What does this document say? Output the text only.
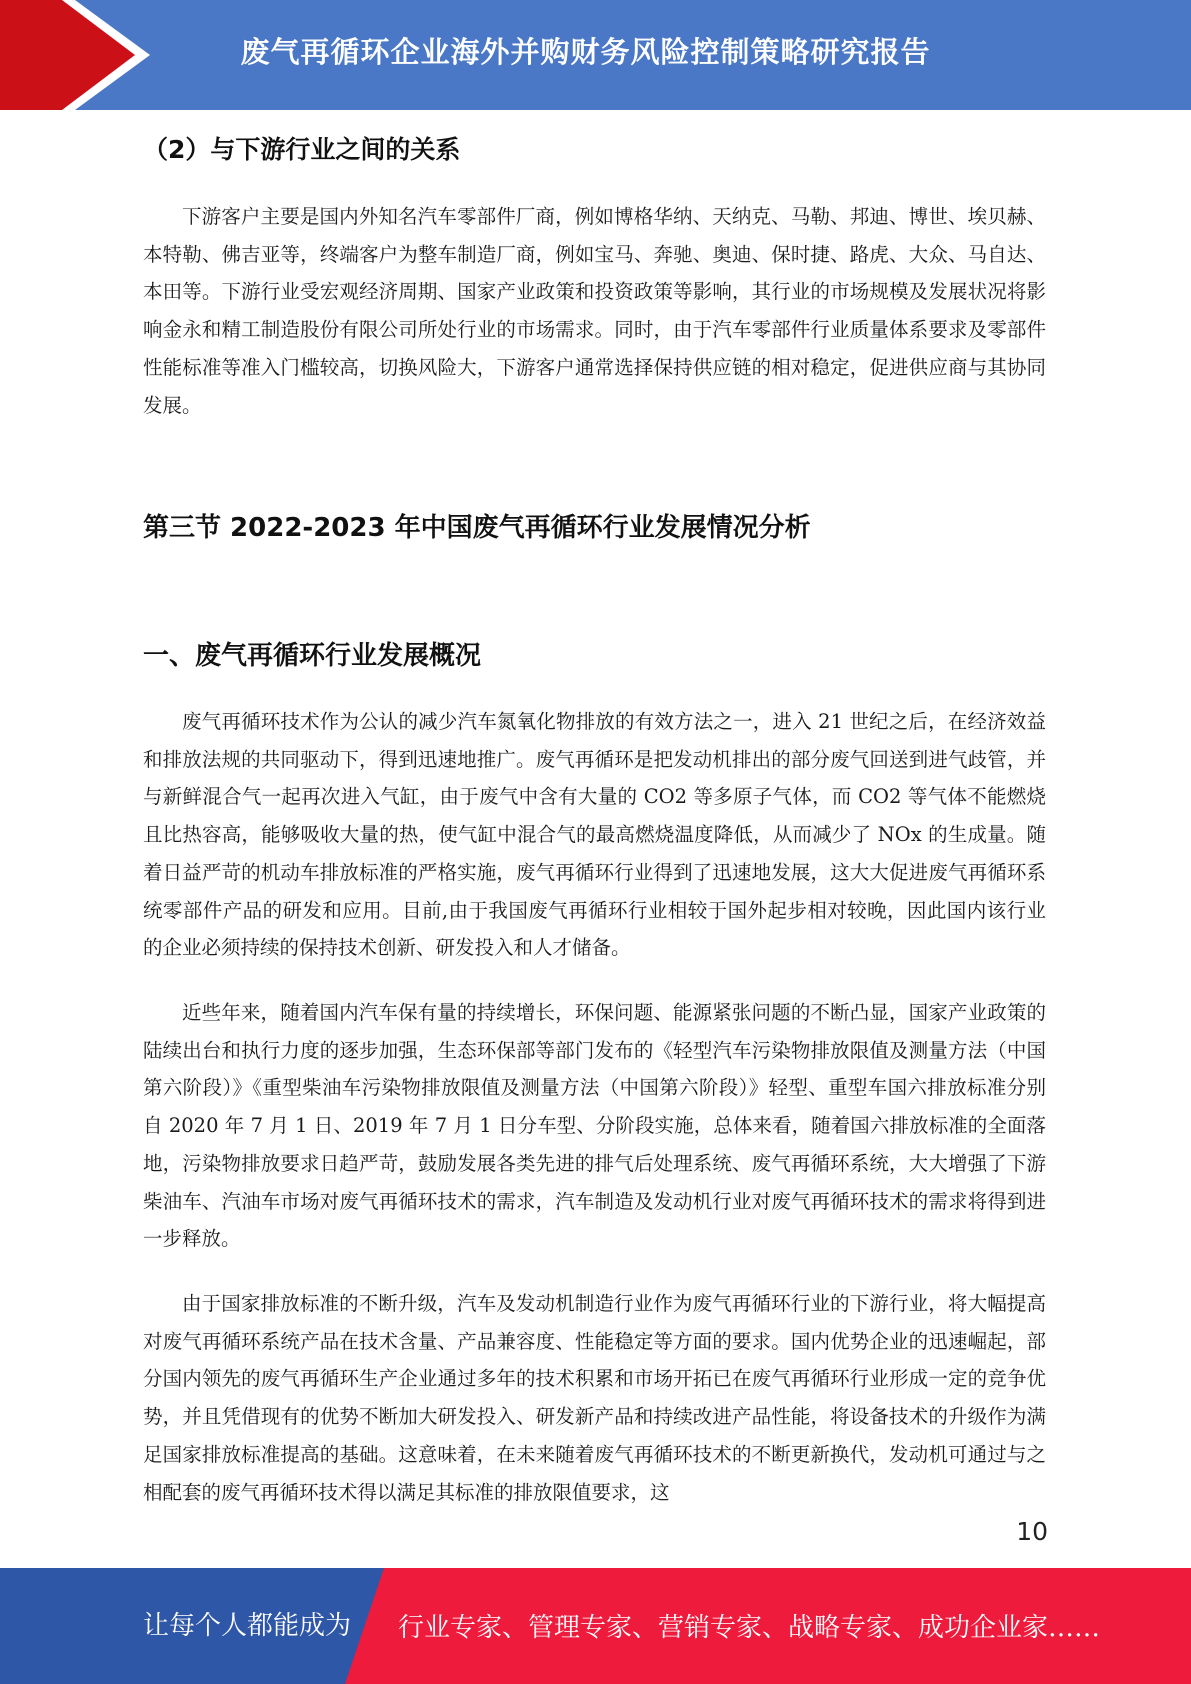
废气再循环企业海外并购财务风险控制策略研究报告
（2）与下游行业之间的关系

下游客户主要是国内外知名汽车零部件厂商，例如博格华纳、天纳克、马勒、邦迪、博世、埃贝赫、本特勒、佛吉亚等，终端客户为整车制造厂商，例如宝马、奔驰、奥迪、保时捷、路虎、大众、马自达、本田等。下游行业受宏观经济周期、国家产业政策和投资政策等影响，其行业的市场规模及发展状况将影响金永和精工制造股份有限公司所处行业的市场需求。同时，由于汽车零部件行业质量体系要求及零部件性能标准等准入门槛较高，切换风险大，下游客户通常选择保持供应链的相对稳定，促进供应商与其协同发展。

第三节 2022-2023 年中国废气再循环行业发展情况分析
一、废气再循环行业发展概况

废气再循环技术作为公认的减少汽车氮氧化物排放的有效方法之一，进入 21 世纪之后，在经济效益和排放法规的共同驱动下，得到迅速地推广。废气再循环是把发动机排出的部分废气回送到进气歧管，并与新鲜混合气一起再次进入气缸，由于废气中含有大量的 CO2 等多原子气体，而 CO2 等气体不能燃烧且比热容高，能够吸收大量的热，使气缸中混合气的最高燃烧温度降低，从而减少了 NOx 的生成量。随着日益严苛的机动车排放标准的严格实施，废气再循环行业得到了迅速地发展，这大大促进废气再循环系统零部件产品的研发和应用。目前,由于我国废气再循环行业相较于国外起步相对较晚，因此国内该行业的企业必须持续的保持技术创新、研发投入和人才储备。

近些年来，随着国内汽车保有量的持续增长，环保问题、能源紧张问题的不断凸显，国家产业政策的陆续出台和执行力度的逐步加强，生态环保部等部门发布的《轻型汽车污染物排放限值及测量方法（中国第六阶段）》《重型柴油车污染物排放限值及测量方法（中国第六阶段）》轻型、重型车国六排放标准分别自 2020 年 7 月 1 日、2019 年 7 月 1 日分车型、分阶段实施，总体来看，随着国六排放标准的全面落地，污染物排放要求日趋严苛，鼓励发展各类先进的排气后处理系统、废气再循环系统，大大增强了下游柴油车、汽油车市场对废气再循环技术的需求，汽车制造及发动机行业对废气再循环技术的需求将得到进一步释放。

由于国家排放标准的不断升级，汽车及发动机制造行业作为废气再循环行业的下游行业，将大幅提高对废气再循环系统产品在技术含量、产品兼容度、性能稳定等方面的要求。国内优势企业的迅速崛起，部分国内领先的废气再循环生产企业通过多年的技术积累和市场开拓已在废气再循环行业形成一定的竞争优势，并且凭借现有的优势不断加大研发投入、研发新产品和持续改进产品性能，将设备技术的升级作为满足国家排放标准提高的基础。这意味着，在未来随着废气再循环技术的不断更新换代，发动机可通过与之相配套的废气再循环技术得以满足其标准的排放限值要求，这

10
让每个人都能成为 行业专家、管理专家、营销专家、战略专家、成功企业家……
